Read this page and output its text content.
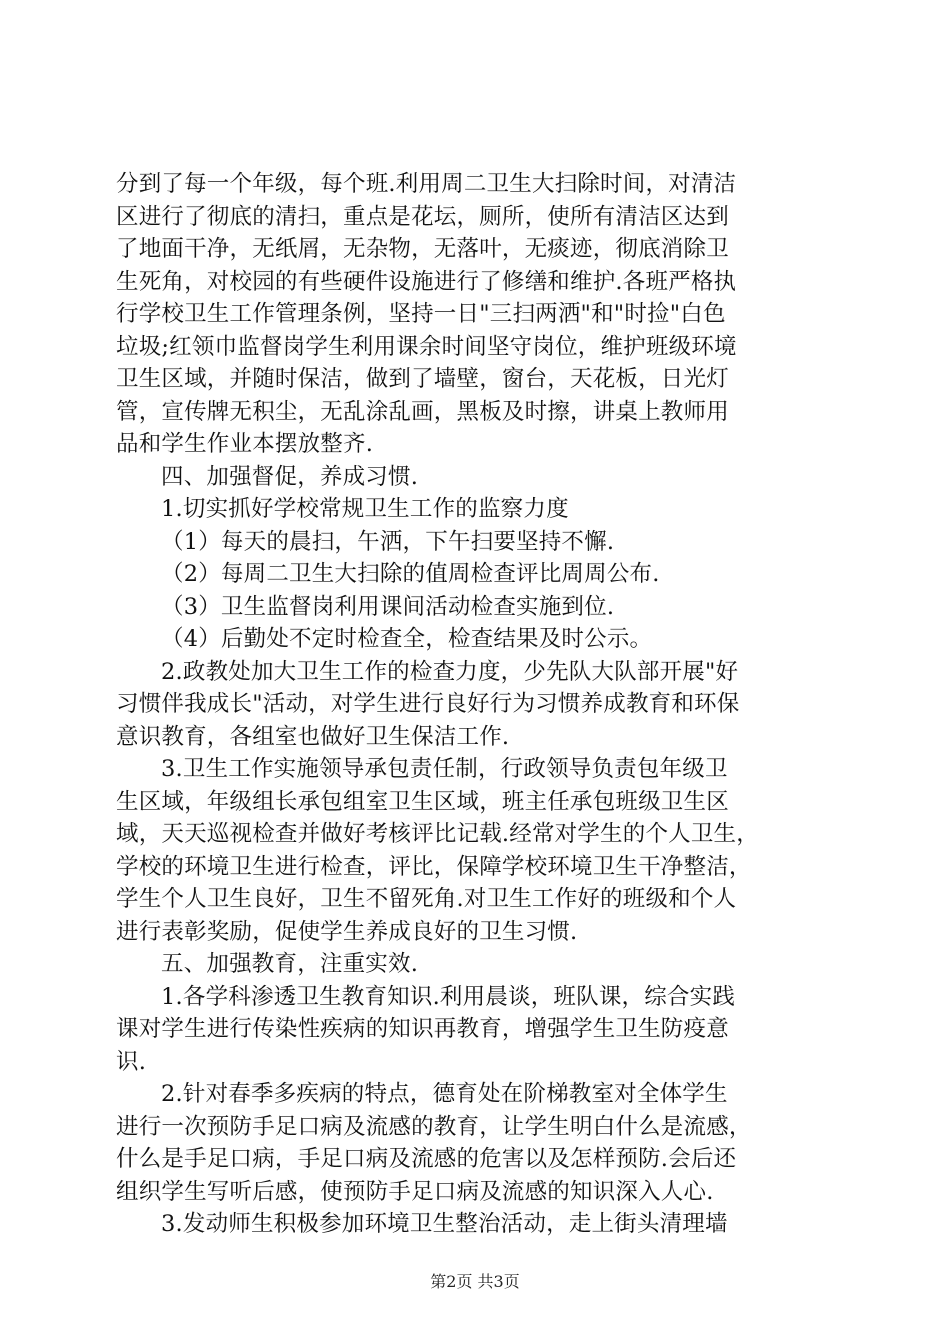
分到了每一个年级，每个班.利用周二卫生大扫除时间，对清洁
区进行了彻底的清扫，重点是花坛，厕所，使所有清洁区达到
了地面干净，无纸屑，无杂物，无落叶，无痰迹，彻底消除卫
生死角，对校园的有些硬件设施进行了修缮和维护.各班严格执
行学校卫生工作管理条例，坚持一日"三扫两洒"和"时捡"白色
垃圾;红领巾监督岗学生利用课余时间坚守岗位，维护班级环境
卫生区域，并随时保洁，做到了墙壁，窗台，天花板，日光灯
管，宣传牌无积尘，无乱涂乱画，黑板及时擦，讲桌上教师用
品和学生作业本摆放整齐.
四、加强督促，养成习惯.
1.切实抓好学校常规卫生工作的监察力度
（1）每天的晨扫，午洒，下午扫要坚持不懈.
（2）每周二卫生大扫除的值周检查评比周周公布.
（3）卫生监督岗利用课间活动检查实施到位.
（4）后勤处不定时检查全，检查结果及时公示。
2.政教处加大卫生工作的检查力度，少先队大队部开展"好
习惯伴我成长"活动，对学生进行良好行为习惯养成教育和环保
意识教育，各组室也做好卫生保洁工作.
3.卫生工作实施领导承包责任制，行政领导负责包年级卫
生区域，年级组长承包组室卫生区域，班主任承包班级卫生区
域，天天巡视检查并做好考核评比记载.经常对学生的个人卫生，
学校的环境卫生进行检查，评比，保障学校环境卫生干净整洁，
学生个人卫生良好，卫生不留死角.对卫生工作好的班级和个人
进行表彰奖励，促使学生养成良好的卫生习惯.
五、加强教育，注重实效.
1.各学科渗透卫生教育知识.利用晨谈，班队课，综合实践
课对学生进行传染性疾病的知识再教育，增强学生卫生防疫意
识.
2.针对春季多疾病的特点，德育处在阶梯教室对全体学生
进行一次预防手足口病及流感的教育，让学生明白什么是流感，
什么是手足口病，手足口病及流感的危害以及怎样预防.会后还
组织学生写听后感，使预防手足口病及流感的知识深入人心.
3.发动师生积极参加环境卫生整治活动，走上街头清理墙
第2页 共3页
